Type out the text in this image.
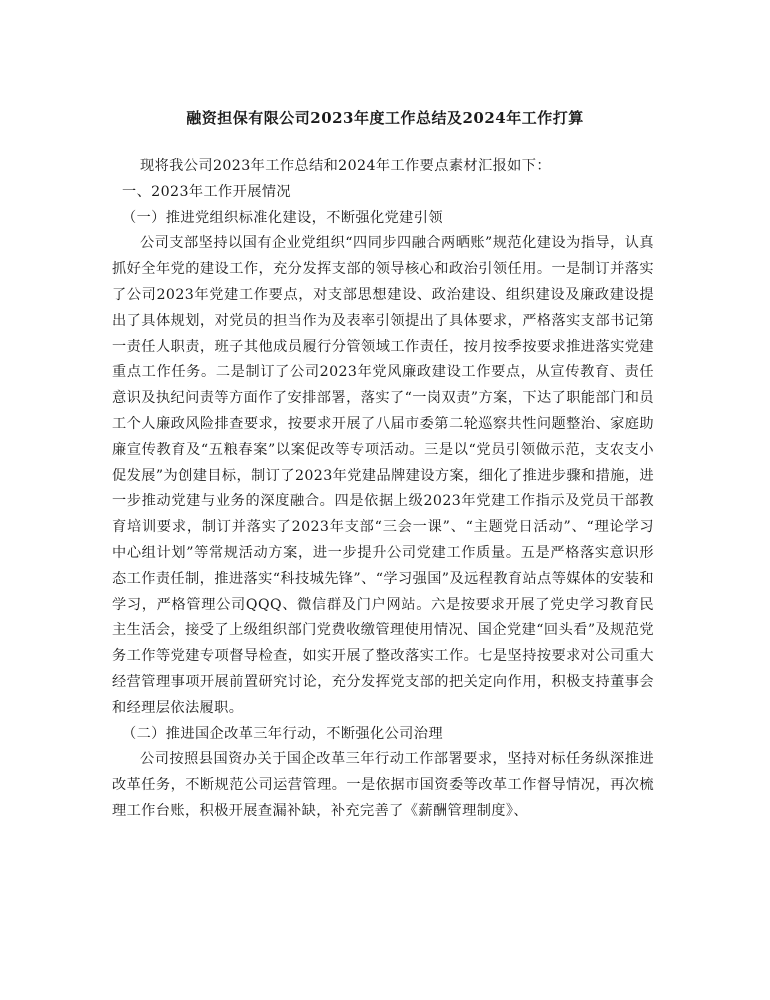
融资担保有限公司2023年度工作总结及2024年工作打算

现将我公司2023年工作总结和2024年工作要点素材汇报如下：

一、2023年工作开展情况

（一）推进党组织标准化建设，不断强化党建引领

公司支部坚持以国有企业党组织“四同步四融合两晒账”规范化建设为指导，认真抓好全年党的建设工作，充分发挥支部的领导核心和政治引领任用。一是制订并落实了公司2023年党建工作要点，对支部思想建设、政治建设、组织建设及廉政建设提出了具体规划，对党员的担当作为及表率引领提出了具体要求，严格落实支部书记第一责任人职责，班子其他成员履行分管领域工作责任，按月按季按要求推进落实党建重点工作任务。二是制订了公司2023年党风廉政建设工作要点，从宣传教育、责任意识及执纪问责等方面作了安排部署，落实了“一岗双责”方案，下达了职能部门和员工个人廉政风险排查要求，按要求开展了八届市委第二轮巡察共性问题整治、家庭助廉宣传教育及“五粮春案”以案促改等专项活动。三是以“党员引领做示范，支农支小促发展”为创建目标，制订了2023年党建品牌建设方案，细化了推进步骤和措施，进一步推动党建与业务的深度融合。四是依据上级2023年党建工作指示及党员干部教育培训要求，制订并落实了2023年支部“三会一课”、“主题党日活动”、“理论学习中心组计划”等常规活动方案，进一步提升公司党建工作质量。五是严格落实意识形态工作责任制，推进落实“科技城先锋”、“学习强国”及远程教育站点等媒体的安装和学习，严格管理公司QQQ、微信群及门户网站。六是按要求开展了党史学习教育民主生活会，接受了上级组织部门党费收缴管理使用情况、国企党建“回头看”及规范党务工作等党建专项督导检查，如实开展了整改落实工作。七是坚持按要求对公司重大经营管理事项开展前置研究讨论，充分发挥党支部的把关定向作用，积极支持董事会和经理层依法履职。

（二）推进国企改革三年行动，不断强化公司治理

公司按照县国资办关于国企改革三年行动工作部署要求，坚持对标任务纵深推进改革任务，不断规范公司运营管理。一是依据市国资委等改革工作督导情况，再次梳理工作台账，积极开展查漏补缺，补充完善了《薪酬管理制度》、
